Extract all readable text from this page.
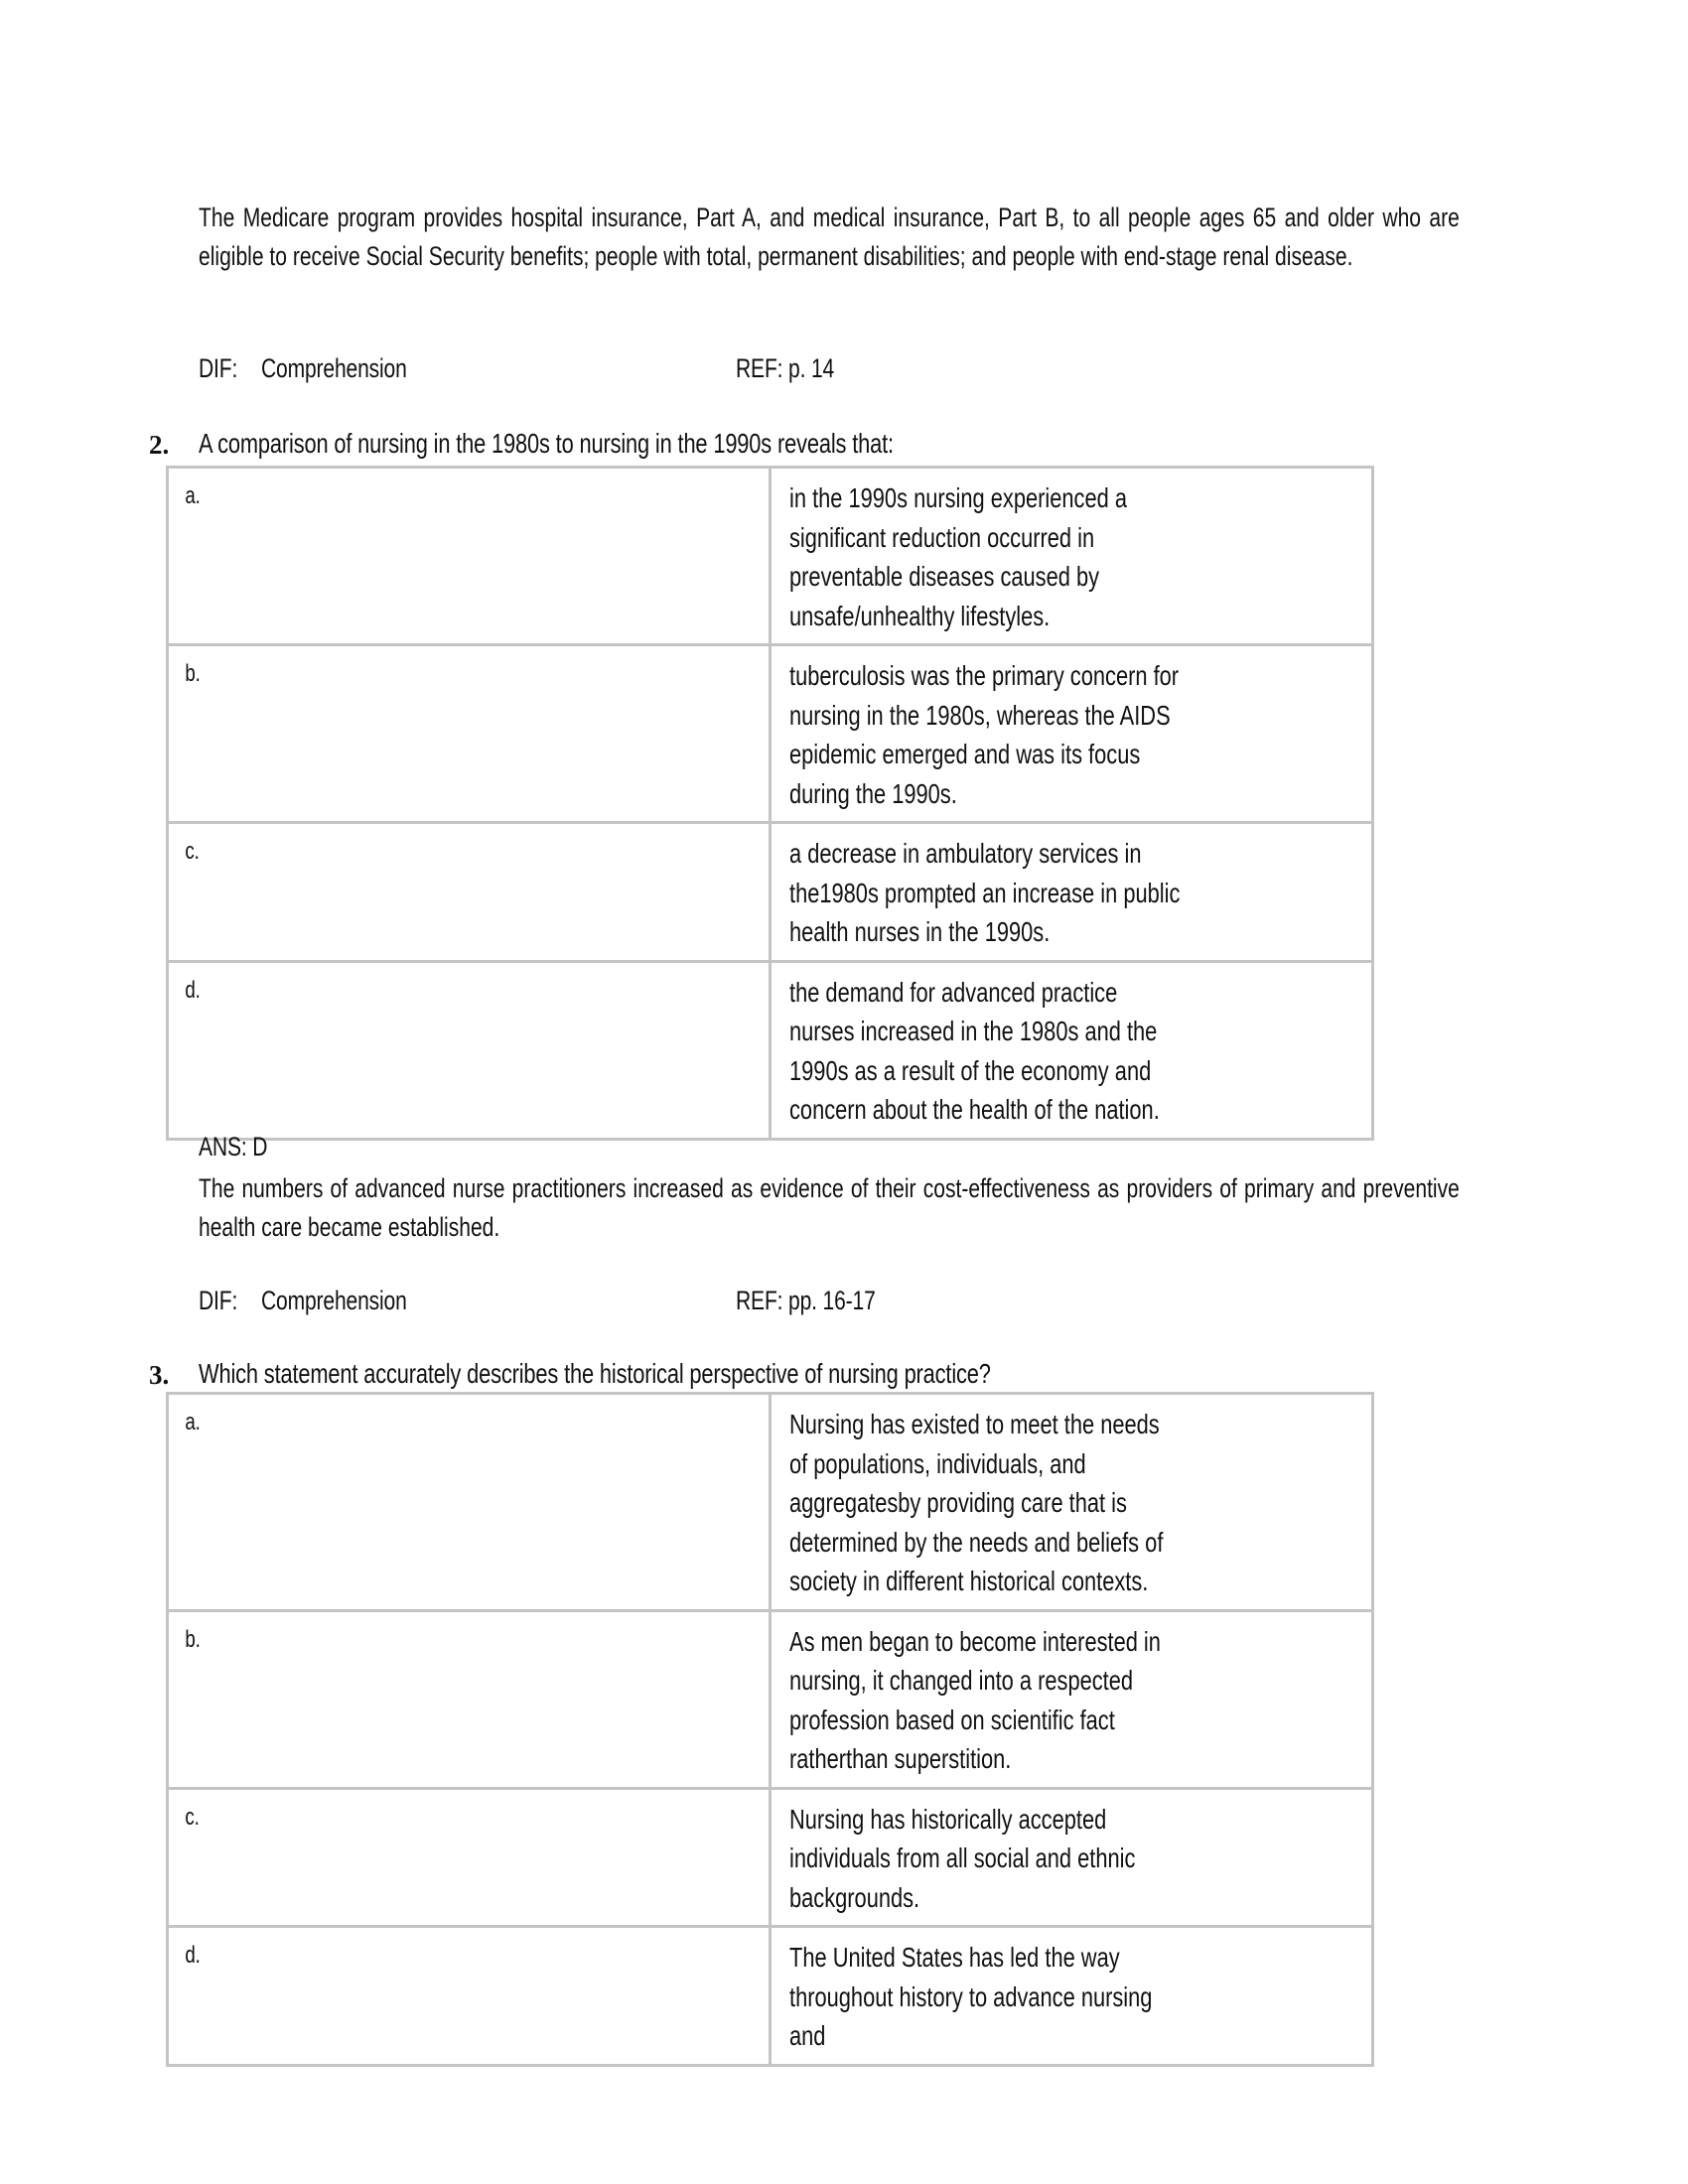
The Medicare program provides hospital insurance, Part A, and medical insurance, Part B, to all people ages 65 and older who are eligible to receive Social Security benefits; people with total, permanent disabilities; and people with end-stage renal disease.
DIF: Comprehension	REF: p. 14
2. A comparison of nursing in the 1980s to nursing in the 1990s reveals that:
a.	in the 1990s nursing experienced a significant reduction occurred in preventable diseases caused by unsafe/unhealthy lifestyles.

b.	tuberculosis was the primary concern for nursing in the 1980s, whereas the AIDS epidemic emerged and was its focus during the 1990s.

c.	a decrease in ambulatory services in the1980s prompted an increase in public health nurses in the 1990s.

d.	the demand for advanced practice nurses increased in the 1980s and the 1990s as a result of the economy and concern about the health of the nation.
ANS: D
The numbers of advanced nurse practitioners increased as evidence of their cost-effectiveness as providers of primary and preventive health care became established.
DIF: Comprehension	REF: pp. 16-17
3. Which statement accurately describes the historical perspective of nursing practice?
a.	Nursing has existed to meet the needs of populations, individuals, and aggregatesby providing care that is determined by the needs and beliefs of society in different historical contexts.

b.	As men began to become interested in nursing, it changed into a respected profession based on scientific fact ratherthan superstition.

c.	Nursing has historically accepted individuals from all social and ethnic backgrounds.

d.	The United States has led the way throughout history to advance nursing and
